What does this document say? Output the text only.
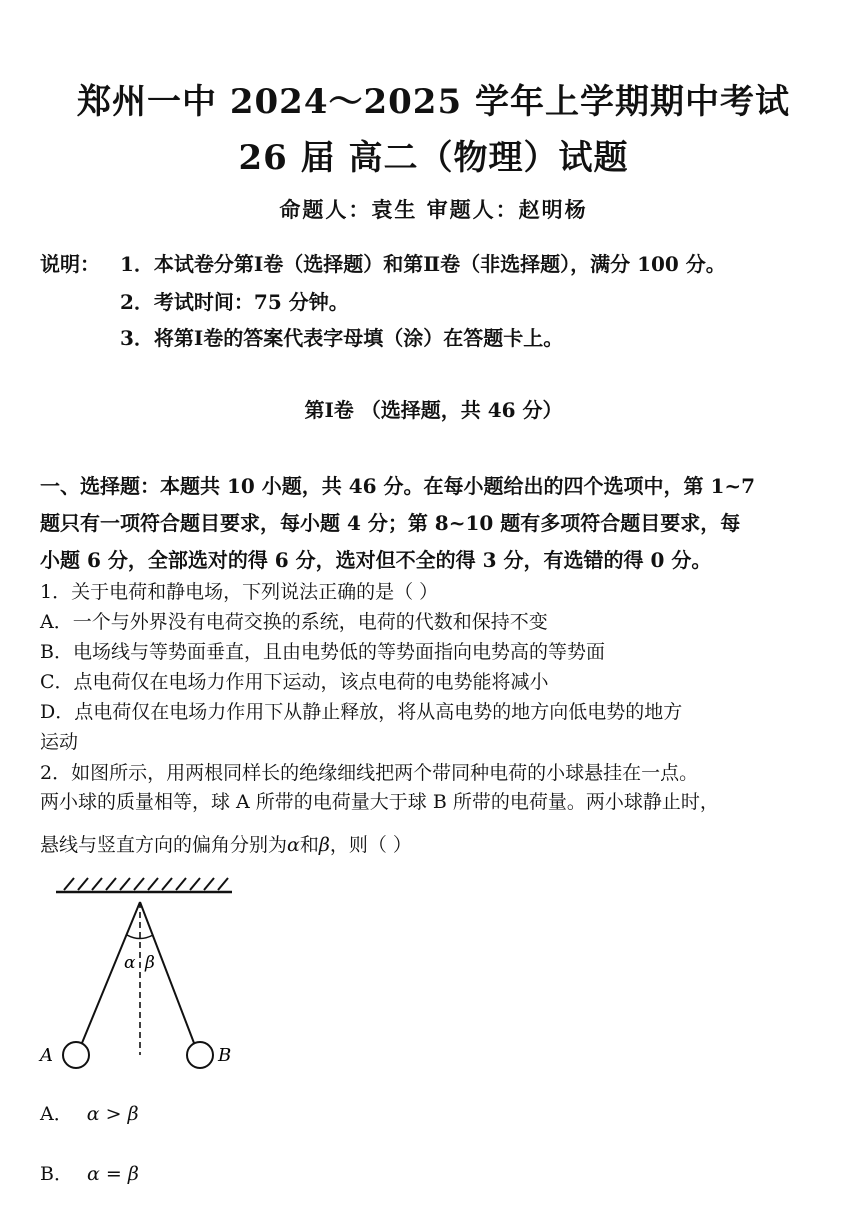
郑州一中 2024～2025 学年上学期期中考试
26 届 高二（物理）试题
命题人：袁生 审题人：赵明杨
说明： 1．本试卷分第Ⅰ卷（选择题）和第Ⅱ卷（非选择题），满分 100 分。
2．考试时间：75 分钟。
3．将第Ⅰ卷的答案代表字母填（涂）在答题卡上。
第Ⅰ卷 （选择题，共 46 分）
一、选择题：本题共 10 小题，共 46 分。在每小题给出的四个选项中，第 1~7
题只有一项符合题目要求，每小题 4 分；第 8~10 题有多项符合题目要求，每
小题 6 分，全部选对的得 6 分，选对但不全的得 3 分，有选错的得 0 分。
1．关于电荷和静电场，下列说法正确的是（ ）
A．一个与外界没有电荷交换的系统，电荷的代数和保持不变
B．电场线与等势面垂直，且由电势低的等势面指向电势高的等势面
C．点电荷仅在电场力作用下运动，该点电荷的电势能将减小
D．点电荷仅在电场力作用下从静止释放，将从高电势的地方向低电势的地方
运动
2．如图所示，用两根同样长的绝缘细线把两个带同种电荷的小球悬挂在一点。
两小球的质量相等，球 A 所带的电荷量大于球 B 所带的电荷量。两小球静止时，
悬线与竖直方向的偏角分别为α和β，则（ ）
α β
A	B
A． α > β
B． α = β
